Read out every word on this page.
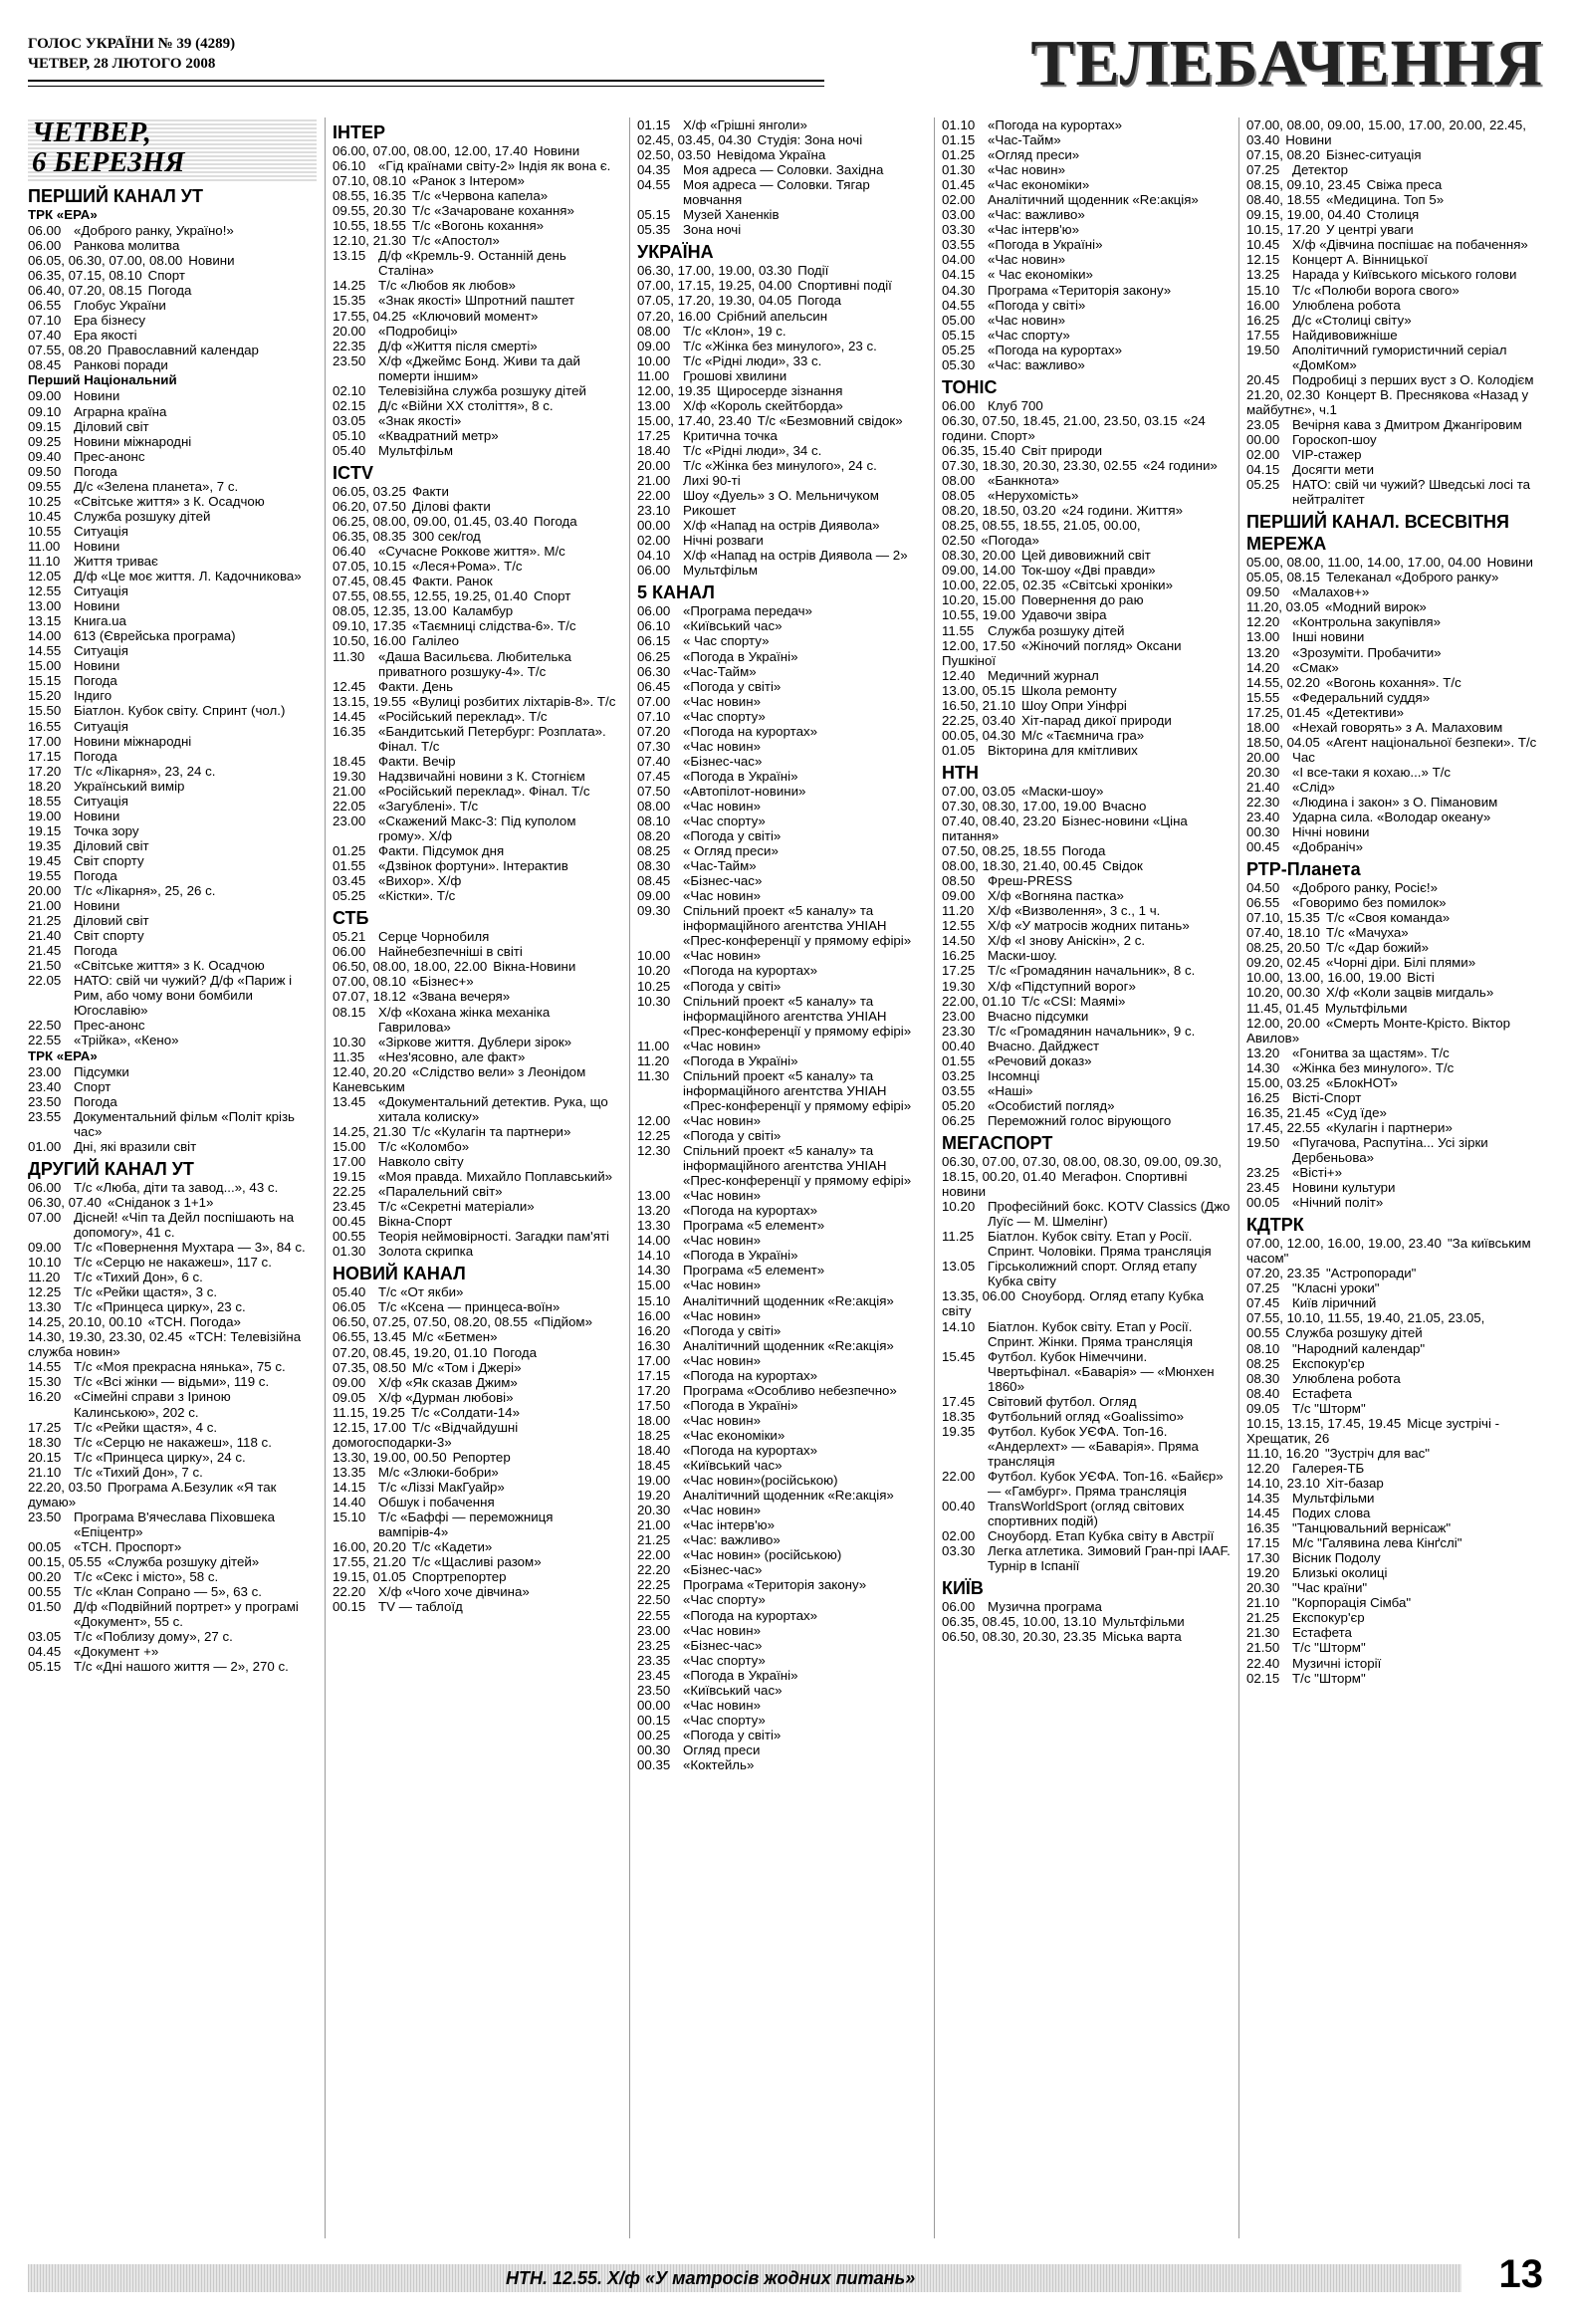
ГОЛОС УКРАЇНИ № 39 (4289)
ЧЕТВЕР, 28 ЛЮТОГО 2008	ТЕЛЕБАЧЕННЯ
ЧЕТВЕР,
6 БЕРЕЗНЯ
ПЕРШИЙ КАНАЛ УТ
ТРК «ЕРА»
06.00 «Доброго ранку, Україно!»
06.00 Ранкова молитва
06.05, 06.30, 07.00, 08.00 Новини
06.35, 07.15, 08.10 Спорт
06.40, 07.20, 08.15 Погода
06.55 Глобус України
07.10 Ера бізнесу
07.40 Ера якості
07.55, 08.20 Православний календар
08.45 Ранкові поради
Перший Національний
09.00 Новини
09.10 Аграрна країна
09.15 Діловий світ
09.25 Новини міжнародні
09.40 Прес-анонс
09.50 Погода
09.55 Д/с «Зелена планета», 7 с.
10.25 «Світське життя» з К. Осадчою
10.45 Служба розшуку дітей
10.55 Ситуація
11.00	Новини
11.10	Життя триває
12.05 Д/ф «Це моє життя. Л. Кадочникова»
12.55 Ситуація
13.00 Новини
13.15 Книга.ua
14.00 613 (Єврейська програма)
14.55 Ситуація
15.00 Новини
15.15 Погода
15.20 Індиго
15.50 Біатлон. Кубок світу. Спринт (чол.)
16.55 Ситуація
17.00 Новини міжнародні
17.15 Погода
17.20 Т/с «Лікарня», 23, 24 с.
18.20 Український вимір
18.55 Ситуація
19.00 Новини
19.15 Точка зору
19.35 Діловий світ
19.45 Світ спорту
19.55 Погода
20.00 Т/с «Лікарня», 25, 26 с.
21.00 Новини
21.25 Діловий світ
21.40 Світ спорту
21.45 Погода
21.50 «Світське життя» з К. Осадчою
22.05 НАТО: свій чи чужий? Д/ф «Париж і Рим, або чому вони бомбили Югославію»
22.50 Прес-анонс
22.55 «Трійка», «Кено»
ТРК «ЕРА»
23.00 Підсумки
23.40 Спорт
23.50 Погода
23.55 Документальний фільм «Політ крізь час»
01.00 Дні, які вразили світ
ДРУГИЙ КАНАЛ УТ
06.00 Т/с «Люба, діти та завод...», 43 с.
06.30, 07.40 «Сніданок з 1+1»
07.00 Дісней! «Чіп та Дейл поспішають на допомогу», 41 с.
09.00 Т/с «Повернення Мухтара — 3», 84 с.
10.10 Т/с «Серцю не накажеш», 117 с.
11.20	Т/с «Тихий Дон», 6 с.
12.25 Т/с «Рейки щастя», 3 с.
13.30 Т/с «Принцеса цирку», 23 с.
14.25, 20.10, 00.10 «ТСН. Погода»
14.30, 19.30, 23.30, 02.45 «ТСН: Телевізійна служба новин»
14.55 Т/с «Моя прекрасна нянька», 75 с.
15.30 Т/с «Всі жінки — відьми», 119 с.
16.20 «Сімейні справи з Іриною Калинською», 202 с.
17.25 Т/с «Рейки щастя», 4 с.
18.30 Т/с «Серцю не накажеш», 118 с.
20.15 Т/с «Принцеса цирку», 24 с.
21.10 Т/с «Тихий Дон», 7 с.
22.20, 03.50 Програма А.Безулик «Я так думаю»
23.50 Програма В'ячеслава Піховшека «Епіцентр»
00.05 «ТСН. Проспорт»
00.15, 05.55 «Служба розшуку дітей»
00.20 Т/с «Секс і місто», 58 с.
00.55 Т/с «Клан Сопрано — 5», 63 с.
01.50 Д/ф «Подвійний портрет» у програмі «Документ», 55 с.
03.05 Т/с «Поблизу дому», 27 с.
04.45 «Документ +»
05.15 Т/с «Дні нашого життя — 2», 270 с.
ІНТЕР
06.00, 07.00, 08.00, 12.00, 17.40 Новини
06.10 «Гід країнами світу-2» Індія як вона є.
07.10, 08.10 «Ранок з Інтером»
08.55, 16.35 Т/с «Червона капела»
09.55, 20.30 Т/с «Зачароване кохання»
10.55, 18.55 Т/с «Вогонь кохання»
12.10, 21.30 Т/с «Апостол»
13.15 Д/ф «Кремль-9. Останній день Сталіна»
14.25 Т/с «Любов як любов»
15.35 «Знак якості» Шпротний паштет
17.55, 04.25 «Ключовий момент»
20.00 «Подробиці»
22.35 Д/ф «Життя після смерті»
23.50 Х/ф «Джеймс Бонд. Живи та дай померти іншим»
02.10 Телевізійна служба розшуку дітей
02.15 Д/с «Війни XX століття», 8 с.
03.05 «Знак якості»
05.10 «Квадратний метр»
05.40 Мультфільм
ICTV
06.05, 03.25 Факти
06.20, 07.50 Ділові факти
06.25, 08.00, 09.00, 01.45, 03.40 Погода
06.35, 08.35 300 сек/год
06.40 «Сучасне Роккове життя». М/с
07.05, 10.15 «Леся+Рома». Т/с
07.45, 08.45 Факти. Ранок
07.55, 08.55, 12.55, 19.25, 01.40 Спорт
08.05, 12.35, 13.00 Каламбур
09.10, 17.35 «Таємниці слідства-6». Т/с
10.50, 16.00 Галілео
11.30	«Даша Васильєва. Любителька приватного розшуку-4». Т/с
12.45 Факти. День
13.15, 19.55 «Вулиці розбитих ліхтарів-8». Т/с
14.45 «Російський переклад». Т/с
16.35 «Бандитський Петербург: Розплата». Фінал. Т/с
18.45 Факти. Вечір
19.30 Надзвичайні новини з К. Стогнієм
21.00 «Російський переклад». Фінал. Т/с
22.05 «Загублені». Т/с
23.00 «Скажений Макс-3: Під куполом грому». Х/ф
01.25 Факти. Підсумок дня
01.55 «Дзвінок фортуни». Інтерактив
03.45 «Вихор». Х/ф
05.25 «Кістки». Т/с
СТБ
05.21 Серце Чорнобиля
06.00 Найнебезпечніші в світі
06.50, 08.00, 18.00, 22.00 Вікна-Новини
07.00, 08.10 «Бізнес+»
07.07, 18.12 «Звана вечеря»
08.15 Х/ф «Кохана жінка механіка Гаврилова»
10.30 «Зіркове життя. Дублери зірок»
11.35	«Нез'ясовно, але факт»
12.40, 20.20 «Слідство вели» з Леонідом Каневським
13.45 «Документальний детектив. Рука, що хитала колиску»
14.25, 21.30 Т/с «Кулагін та партнери»
15.00 Т/с «Коломбо»
17.00 Навколо світу
19.15 «Моя правда. Михайло Поплавський»
22.25 «Паралельний світ»
23.45 Т/с «Секретні матеріали»
00.45 Вікна-Спорт
00.55 Теорія неймовірності. Загадки пам'яті
01.30 Золота скрипка
НОВИЙ КАНАЛ
05.40 Т/с «От якби»
06.05 Т/с «Ксена — принцеса-воїн»
06.50, 07.25, 07.50, 08.20, 08.55 «Підйом»
06.55, 13.45 М/с «Бетмен»
07.20, 08.45, 19.20, 01.10 Погода
07.35, 08.50 М/с «Том і Джері»
09.00 Х/ф «Як сказав Джим»
09.05 Х/ф «Дурман любові»
11.15, 19.25 Т/с «Солдати-14»
12.15, 17.00 Т/с «Відчайдушні домогосподарки-3»
13.30, 19.00, 00.50 Репортер
13.35 М/с «Злюки-бобри»
14.15 Т/с «Ліззі МакГуайр»
14.40 Обшук і побачення
15.10 Т/с «Баффі — переможниця вампірів-4»
16.00, 20.20 Т/с «Кадети»
17.55, 21.20 Т/с «Щасливі разом»
19.15, 01.05 Спортрепортер
22.20 Х/ф «Чого хоче дівчина»
00.15 TV — таблоїд
01.15 Х/ф «Грішні янголи»
02.45, 03.45, 04.30 Студія: Зона ночі
02.50, 03.50 Невідома Україна
04.35 Моя адреса — Соловки. Західна
04.55 Моя адреса — Соловки. Тягар мовчання
05.15 Музей Ханенків
05.35 Зона ночі
УКРАЇНА
06.30, 17.00, 19.00, 03.30 Події
07.00, 17.15, 19.25, 04.00 Спортивні події
07.05, 17.20, 19.30, 04.05 Погода
07.20, 16.00 Срібний апельсин
08.00 Т/с «Клон», 19 с.
09.00 Т/с «Жінка без минулого», 23 с.
10.00 Т/с «Рідні люди», 33 с.
11.00	Грошові хвилини
12.00, 19.35 Щиросерде зізнання
13.00 Х/ф «Король скейтборда»
15.00, 17.40, 23.40 Т/с «Безмовний свідок»
17.25 Критична точка
18.40 Т/с «Рідні люди», 34 с.
20.00 Т/с «Жінка без минулого», 24 с.
21.00 Лихі 90-ті
22.00 Шоу «Дуель» з О. Мельничуком
23.10 Рикошет
00.00 Х/ф «Напад на острів Диявола»
02.00 Нічні розваги
04.10 Х/ф «Напад на острів Диявола — 2»
06.00 Мультфільм
5 КАНАЛ
06.00 «Програма передач»
06.10 «Київський час»
06.15 « Час спорту»
06.25 «Погода в Україні»
06.30 «Час-Тайм»
06.45 «Погода у світі»
07.00 «Час новин»
07.10 «Час спорту»
07.20 «Погода на курортах»
07.30 «Час новин»
07.40 «Бізнес-час»
07.45 «Погода в Україні»
07.50 «Автопілот-новини»
08.00 «Час новин»
08.10 «Час спорту»
08.20 «Погода у світі»
08.25 « Огляд преси»
08.30 «Час-Тайм»
08.45 «Бізнес-час»
09.00 «Час новин»
09.30 Спільний проект «5 каналу» та інформаційного агентства УНІАН «Прес-конференції у прямому ефірі»
10.00 «Час новин»
10.20 «Погода на курортах»
10.25 «Погода у світі»
10.30 Спільний проект «5 каналу» та інформаційного агентства УНІАН «Прес-конференції у прямому ефірі»
11.00	«Час новин»
11.20	«Погода в Україні»
11.30	Спільний проект «5 каналу» та інформаційного агентства УНІАН «Прес-конференції у прямому ефірі»
12.00 «Час новин»
12.25 «Погода у світі»
12.30 Спільний проект «5 каналу» та інформаційного агентства УНІАН «Прес-конференції у прямому ефірі»
13.00 «Час новин»
13.20 «Погода на курортах»
13.30 Програма «5 елемент»
14.00 «Час новин»
14.10 «Погода в Україні»
14.30 Програма «5 елемент»
15.00 «Час новин»
15.10 Аналітичний щоденник «Re:акція»
16.00 «Час новин»
16.20 «Погода у світі»
16.30 Аналітичний щоденник «Re:акція»
17.00 «Час новин»
17.15 «Погода на курортах»
17.20 Програма «Особливо небезпечно»
17.50 «Погода в Україні»
18.00 «Час новин»
18.25 «Час економіки»
18.40 «Погода на курортах»
18.45 «Київський час»
19.00 «Час новин»(російською)
19.20 Аналітичний щоденник «Re:акція»
20.30 «Час новин»
21.00 «Час інтерв'ю»
21.25 «Час: важливо»
22.00 «Час новин» (російською)
22.20 «Бізнес-час»
22.25 Програма «Територія закону»
22.50 «Час спорту»
22.55 «Погода на курортах»
23.00 «Час новин»
23.25 «Бізнес-час»
23.35 «Час спорту»
23.45 «Погода в Україні»
23.50 «Київський час»
00.00 «Час новин»
00.15 «Час спорту»
00.25 «Погода у світі»
00.30 Огляд преси
00.35 «Коктейль»
01.10 «Погода на курортах»
01.15 «Час-Тайм»
01.25 «Огляд преси»
01.30 «Час новин»
01.45 «Час економіки»
02.00 Аналітичний щоденник «Re:акція»
03.00 «Час: важливо»
03.30 «Час інтерв'ю»
03.55 «Погода в Україні»
04.00 «Час новин»
04.15 « Час економіки»
04.30 Програма «Територія закону»
04.55 «Погода у світі»
05.00 «Час новин»
05.15 «Час спорту»
05.25 «Погода на курортах»
05.30 «Час: важливо»
ТОНІС
06.00 Клуб 700
06.30, 07.50, 18.45, 21.00, 23.50, 03.15 «24 години. Спорт»
06.35, 15.40 Світ природи
07.30, 18.30, 20.30, 23.30, 02.55 «24 години»
08.00 «Банкнота»
08.05 «Нерухомість»
08.20, 18.50, 03.20 «24 години. Життя»
08.25, 08.55, 18.55, 21.05, 00.00, 02.50 «Погода»
08.30, 20.00 Цей дивовижний світ
09.00, 14.00 Ток-шоу «Дві правди»
10.00, 22.05, 02.35 «Світські хроніки»
10.20, 15.00 Повернення до раю
10.55, 19.00 Удавочи звіра
11.55	Служба розшуку дітей
12.00, 17.50 «Жіночий погляд» Оксани Пушкіної
12.40 Медичний журнал
13.00, 05.15 Школа ремонту
16.50, 21.10 Шоу Опри Уінфрі
22.25, 03.40 Хіт-парад дикої природи
00.05, 04.30 М/с «Таємнича гра»
01.05 Вікторина для кмітливих
НТН
07.00, 03.05 «Маски-шоу»
07.30, 08.30, 17.00, 19.00 Вчасно
07.40, 08.40, 23.20 Бізнес-новини «Ціна питання»
07.50, 08.25, 18.55 Погода
08.00, 18.30, 21.40, 00.45 Свідок
08.50 Фреш-PRESS
09.00 Х/ф «Вогняна пастка»
11.20	Х/ф «Визволення», 3 с., 1 ч.
12.55 Х/ф «У матросів жодних питань»
14.50 Х/ф «І знову Аніскін», 2 с.
16.25 Маски-шоу.
17.25 Т/с «Громадянин начальник», 8 с.
19.30 Х/ф «Підступний ворог»
22.00, 01.10 Т/с «CSI: Маямі»
23.00 Вчасно підсумки
23.30 Т/с «Громадянин начальник», 9 с.
00.40 Вчасно. Дайджест
01.55 «Речовий доказ»
03.25 Інсомнці
03.55 «Наші»
05.20 «Особистий погляд»
06.25 Переможний голос вірующого
МЕГАСПОРТ
06.30, 07.00, 07.30, 08.00, 08.30, 09.00, 09.30, 18.15, 00.20, 01.40 Мегафон. Спортивні новини
10.20 Професійний бокс. KOTV Classics (Джо Луїс — М. Шмелінг)
11.25	Біатлон. Кубок світу. Етап у Росії. Спринт. Чоловіки. Пряма трансляція
13.05 Гірськолижний спорт. Огляд етапу Кубка світу
13.35, 06.00 Сноуборд. Огляд етапу Кубка світу
14.10 Біатлон. Кубок світу. Етап у Росії. Спринт. Жінки. Пряма трансляція
15.45 Футбол. Кубок Німеччини. Чвертьфінал. «Баварія» — «Мюнхен 1860»
17.45 Світовий футбол. Огляд
18.35 Футбольний огляд «Goalissimo»
19.35 Футбол. Кубок УЄФА. Топ-16. «Андерлехт» — «Баварія». Пряма трансляція
22.00 Футбол. Кубок УЄФА. Топ-16. «Байєр» — «Гамбург». Пряма трансляція
00.40 TransWorldSport (огляд світових спортивних подій)
02.00 Сноуборд. Етап Кубка світу в Австрії
03.30 Легка атлетика. Зимовий Гран-прі IAAF. Турнір в Іспанії
КИЇВ
06.00 Музична програма
06.35, 08.45, 10.00, 13.10 Мультфільми
06.50, 08.30, 20.30, 23.35 Міська варта
07.00, 08.00, 09.00, 15.00, 17.00, 20.00, 22.45, 03.40 Новини
07.15, 08.20 Бізнес-ситуація
07.25 Детектор
08.15, 09.10, 23.45 Свіжа преса
08.40, 18.55 «Медицина. Топ 5»
09.15, 19.00, 04.40 Столиця
10.15, 17.20 У центрі уваги
10.45 Х/ф «Дівчина поспішає на побачення»
12.15 Концерт А. Вінницької
13.25 Нарада у Київського міського голови
15.10 Т/с «Полюби ворога свого»
16.00 Улюблена робота
16.25 Д/с «Столиці світу»
17.55 Найдивовижніше
19.50 Аполітичний гумористичний серіал «ДомКом»
20.45 Подробиці з перших вуст з О. Колодієм
21.20, 02.30 Концерт В. Преснякова «Назад у майбутнє», ч.1
23.05 Вечірня кава з Дмитром Джангіровим
00.00 Гороскоп-шоу
02.00 VIP-стажер
04.15 Досягти мети
05.25 НАТО: свій чи чужий? Шведські лосі та нейтралітет
ПЕРШИЙ КАНАЛ. ВСЕСВІТНЯ МЕРЕЖА
05.00, 08.00, 11.00, 14.00, 17.00, 04.00 Новини
05.05, 08.15 Телеканал «Доброго ранку»
09.50 «Малахов+»
11.20, 03.05 «Модний вирок»
12.20 «Контрольна закупівля»
13.00 Інші новини
13.20 «Зрозуміти. Пробачити»
14.20 «Смак»
14.55, 02.20 «Вогонь кохання». Т/с
15.55 «Федеральний суддя»
17.25, 01.45 «Детективи»
18.00 «Нехай говорять» з А. Малаховим
18.50, 04.05 «Агент національної безпеки». Т/с
20.00 Час
20.30 «І все-таки я кохаю...» Т/с
21.40 «Слід»
22.30 «Людина і закон» з О. Пімановим
23.40 Ударна сила. «Володар океану»
00.30 Нічні новини
00.45 «Добраніч»
РТР-Планета
04.50 «Доброго ранку, Росіє!»
06.55 «Говоримо без помилок»
07.10, 15.35 Т/с «Своя команда»
07.40, 18.10 Т/с «Мачуха»
08.25, 20.50 Т/с «Дар божий»
09.20, 02.45 «Чорні діри. Білі плями»
10.00, 13.00, 16.00, 19.00 Вісті
10.20, 00.30 Х/ф «Коли зацвів мигдаль»
11.45, 01.45 Мультфільми
12.00, 20.00 «Смерть Монте-Крісто. Віктор Авилов»
13.20 «Гонитва за щастям». Т/с
14.30 «Жінка без минулого». Т/с
15.00, 03.25 «БлокНОТ»
16.25 Вісті-Спорт
16.35, 21.45 «Суд їде»
17.45, 22.55 «Кулагін і партнери»
19.50 «Пугачова, Распутіна... Усі зірки Дербеньова»
23.25 «Вісті+»
23.45 Новини культури
00.05 «Нічний політ»
КДТРК
07.00, 12.00, 16.00, 19.00, 23.40 "За київським часом"
07.20, 23.35 "Астропоради"
07.25 "Класні уроки"
07.45 Київ ліричний
07.55, 10.10, 11.55, 19.40, 21.05, 23.05, 00.55 Служба розшуку дітей
08.10 "Народний календар"
08.25 Експокур'єр
08.30 Улюблена робота
08.40 Естафета
09.05 Т/с "Шторм"
10.15, 13.15, 17.45, 19.45 Місце зустрічі - Хрещатик, 26
11.10, 16.20 "Зустріч для вас"
12.20 Галерея-ТБ
14.10, 23.10 Хіт-базар
14.35 Мультфільми
14.45 Подих слова
16.35 "Танцювальний вернісаж"
17.15 М/с "Галявина левa Кінґслі"
17.30 Вісник Подолу
19.20 Близькі околиці
20.30 "Час країни"
21.10 "Корпорація Сімба"
21.25 Експокур'єр
21.30 Естафета
21.50 Т/с "Шторм"
22.40 Музичні історії
02.15 Т/с "Шторм"
НТН. 12.55. Х/ф «У матросів жодних питань»	13
